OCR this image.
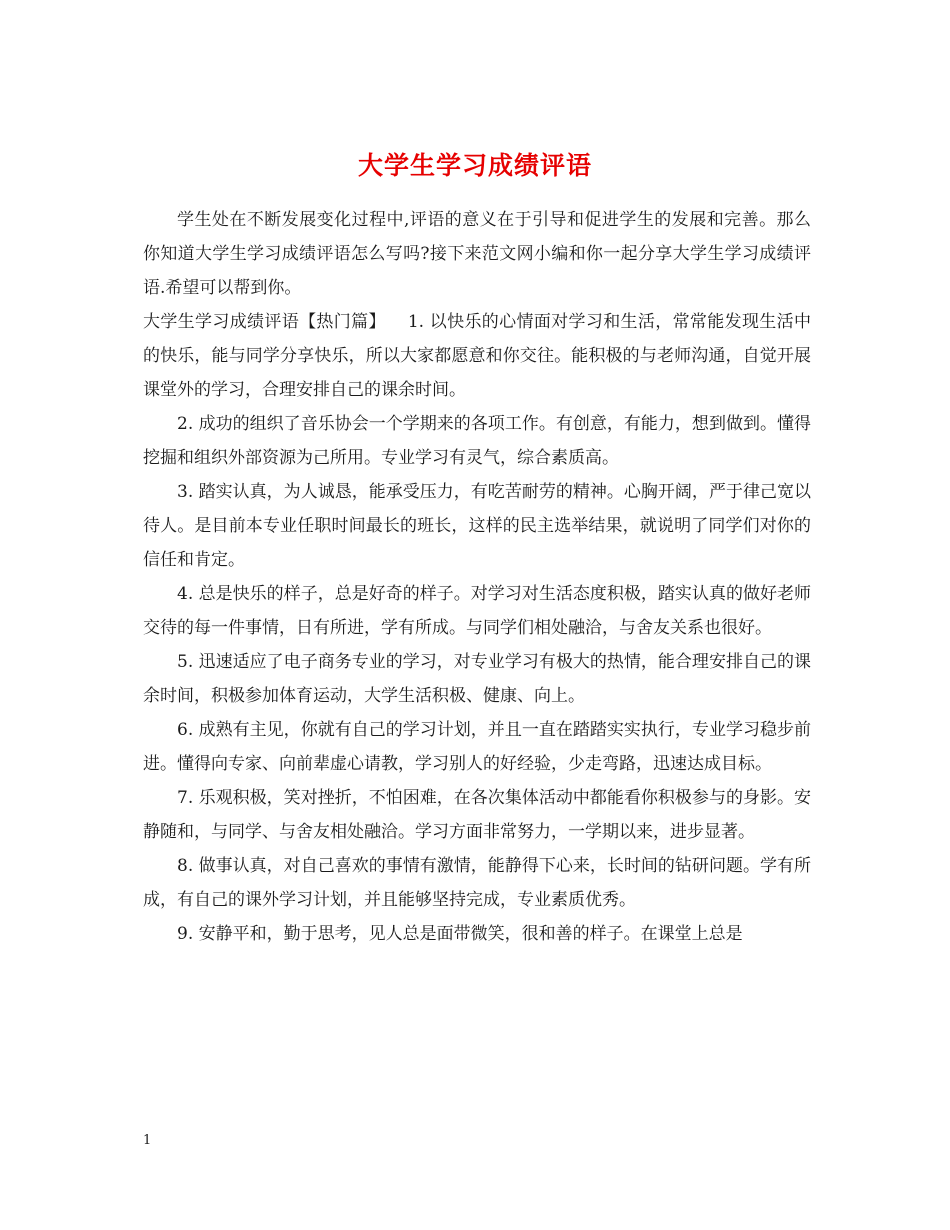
大学生学习成绩评语

学生处在不断发展变化过程中,评语的意义在于引导和促进学生的发展和完善。那么你知道大学生学习成绩评语怎么写吗?接下来范文网小编和你一起分享大学生学习成绩评语.希望可以帮到你。

大学生学习成绩评语【热门篇】 1. 以快乐的心情面对学习和生活，常常能发现生活中的快乐，能与同学分享快乐，所以大家都愿意和你交往。能积极的与老师沟通，自觉开展课堂外的学习，合理安排自己的课余时间。

2. 成功的组织了音乐协会一个学期来的各项工作。有创意，有能力，想到做到。懂得挖掘和组织外部资源为己所用。专业学习有灵气，综合素质高。

3. 踏实认真，为人诚恳，能承受压力，有吃苦耐劳的精神。心胸开阔，严于律己宽以待人。是目前本专业任职时间最长的班长，这样的民主选举结果，就说明了同学们对你的信任和肯定。

4. 总是快乐的样子，总是好奇的样子。对学习对生活态度积极，踏实认真的做好老师交待的每一件事情，日有所进，学有所成。与同学们相处融洽，与舍友关系也很好。

5. 迅速适应了电子商务专业的学习，对专业学习有极大的热情，能合理安排自己的课余时间，积极参加体育运动，大学生活积极、健康、向上。

6. 成熟有主见，你就有自己的学习计划，并且一直在踏踏实实执行，专业学习稳步前进。懂得向专家、向前辈虚心请教，学习别人的好经验，少走弯路，迅速达成目标。

7. 乐观积极，笑对挫折，不怕困难，在各次集体活动中都能看你积极参与的身影。安静随和，与同学、与舍友相处融洽。学习方面非常努力，一学期以来，进步显著。

8. 做事认真，对自己喜欢的事情有激情，能静得下心来，长时间的钻研问题。学有所成，有自己的课外学习计划，并且能够坚持完成，专业素质优秀。

9. 安静平和，勤于思考，见人总是面带微笑，很和善的样子。在课堂上总是

1
